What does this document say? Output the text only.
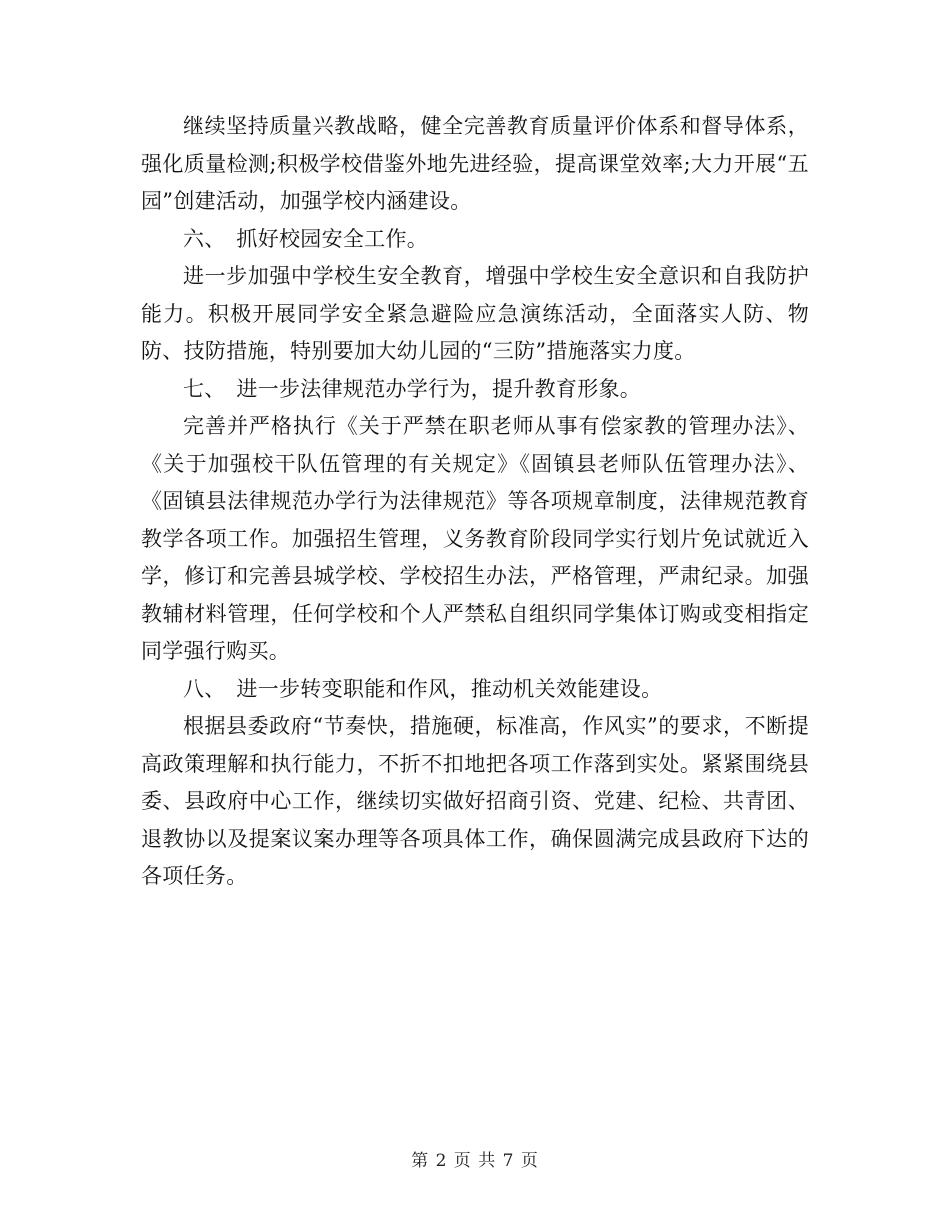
继续坚持质量兴教战略，健全完善教育质量评价体系和督导体系，强化质量检测;积极学校借鉴外地先进经验，提高课堂效率;大力开展“五园”创建活动，加强学校内涵建设。

六、　抓好校园安全工作。

进一步加强中学校生安全教育，增强中学校生安全意识和自我防护能力。积极开展同学安全紧急避险应急演练活动，全面落实人防、物防、技防措施，特别要加大幼儿园的“三防”措施落实力度。

七、　进一步法律规范办学行为，提升教育形象。

完善并严格执行《关于严禁在职老师从事有偿家教的管理办法》、《关于加强校干队伍管理的有关规定》《固镇县老师队伍管理办法》、《固镇县法律规范办学行为法律规范》等各项规章制度，法律规范教育教学各项工作。加强招生管理，义务教育阶段同学实行划片免试就近入学，修订和完善县城学校、学校招生办法，严格管理，严肃纪录。加强教辅材料管理，任何学校和个人严禁私自组织同学集体订购或变相指定同学强行购买。

八、　进一步转变职能和作风，推动机关效能建设。

根据县委政府“节奏快，措施硬，标准高，作风实”的要求，不断提高政策理解和执行能力，不折不扣地把各项工作落到实处。紧紧围绕县委、县政府中心工作，继续切实做好招商引资、党建、纪检、共青团、退教协以及提案议案办理等各项具体工作，确保圆满完成县政府下达的各项任务。

第 2 页 共 7 页
